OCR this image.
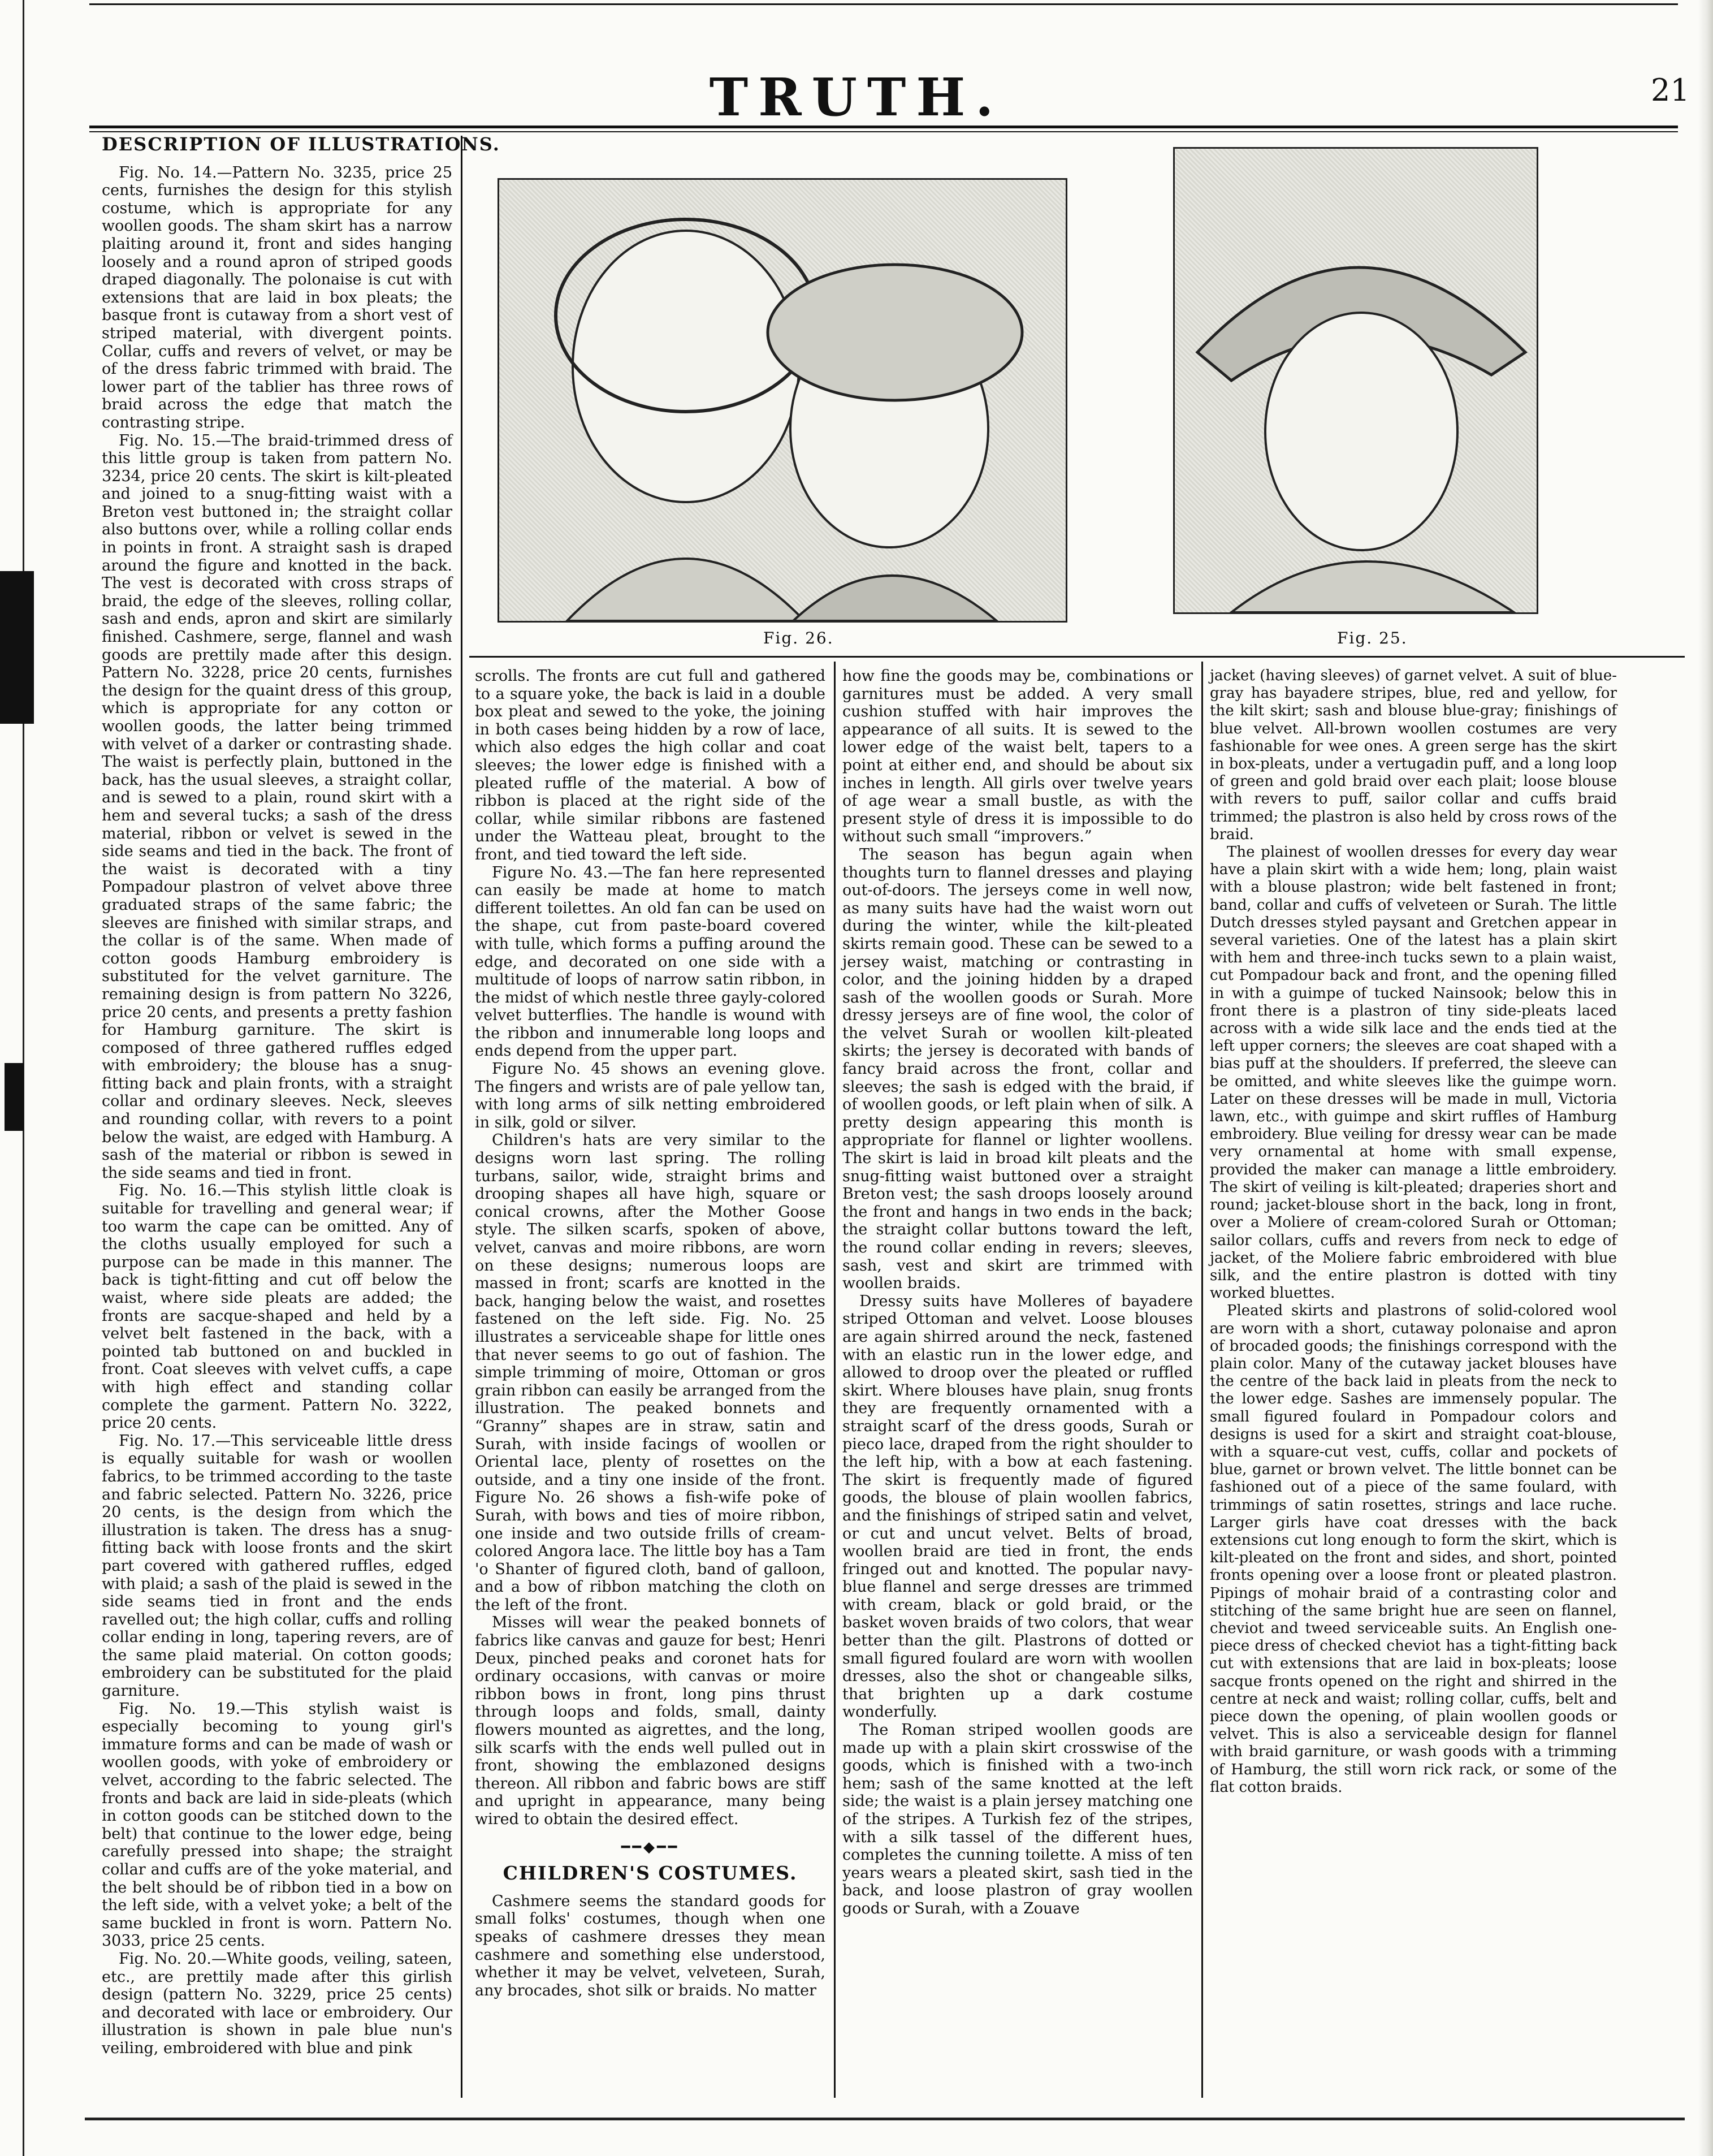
TRUTH.	21
DESCRIPTION OF ILLUSTRATIONS.

Fig. No. 14.—Pattern No. 3235, price 25 cents, furnishes the design for this stylish costume, which is appropriate for any woollen goods. The sham skirt has a narrow plaiting around it, front and sides hanging loosely and a round apron of striped goods draped diagonally. The polonaise is cut with extensions that are laid in box pleats; the basque front is cutaway from a short vest of striped material, with divergent points. Collar, cuffs and revers of velvet, or may be of the dress fabric trimmed with braid. The lower part of the tablier has three rows of braid across the edge that match the contrasting stripe.

Fig. No. 15.—The braid-trimmed dress of this little group is taken from pattern No. 3234, price 20 cents. The skirt is kilt-pleated and joined to a snug-fitting waist with a Breton vest buttoned in; the straight collar also buttons over, while a rolling collar ends in points in front. A straight sash is draped around the figure and knotted in the back. The vest is decorated with cross straps of braid, the edge of the sleeves, rolling collar, sash and ends, apron and skirt are similarly finished. Cashmere, serge, flannel and wash goods are prettily made after this design. Pattern No. 3228, price 20 cents, furnishes the design for the quaint dress of this group, which is appropriate for any cotton or woollen goods, the latter being trimmed with velvet of a darker or contrasting shade. The waist is perfectly plain, buttoned in the back, has the usual sleeves, a straight collar, and is sewed to a plain, round skirt with a hem and several tucks; a sash of the dress material, ribbon or velvet is sewed in the side seams and tied in the back. The front of the waist is decorated with a tiny Pompadour plastron of velvet above three graduated straps of the same fabric; the sleeves are finished with similar straps, and the collar is of the same. When made of cotton goods Hamburg embroidery is substituted for the velvet garniture. The remaining design is from pattern No 3226, price 20 cents, and presents a pretty fashion for Hamburg garniture. The skirt is composed of three gathered ruffles edged with embroidery; the blouse has a snug-fitting back and plain fronts, with a straight collar and ordinary sleeves. Neck, sleeves and rounding collar, with revers to a point below the waist, are edged with Hamburg. A sash of the material or ribbon is sewed in the side seams and tied in front.

Fig. No. 16.—This stylish little cloak is suitable for travelling and general wear; if too warm the cape can be omitted. Any of the cloths usually employed for such a purpose can be made in this manner. The back is tight-fitting and cut off below the waist, where side pleats are added; the fronts are sacque-shaped and held by a velvet belt fastened in the back, with a pointed tab buttoned on and buckled in front. Coat sleeves with velvet cuffs, a cape with high effect and standing collar complete the garment. Pattern No. 3222, price 20 cents.

Fig. No. 17.—This serviceable little dress is equally suitable for wash or woollen fabrics, to be trimmed according to the taste and fabric selected. Pattern No. 3226, price 20 cents, is the design from which the illustration is taken. The dress has a snug-fitting back with loose fronts and the skirt part covered with gathered ruffles, edged with plaid; a sash of the plaid is sewed in the side seams tied in front and the ends ravelled out; the high collar, cuffs and rolling collar ending in long, tapering revers, are of the same plaid material. On cotton goods; embroidery can be substituted for the plaid garniture.

Fig. No. 19.—This stylish waist is especially becoming to young girl's immature forms and can be made of wash or woollen goods, with yoke of embroidery or velvet, according to the fabric selected. The fronts and back are laid in side-pleats (which in cotton goods can be stitched down to the belt) that continue to the lower edge, being carefully pressed into shape; the straight collar and cuffs are of the yoke material, and the belt should be of ribbon tied in a bow on the left side, with a velvet yoke; a belt of the same buckled in front is worn. Pattern No. 3033, price 25 cents.

Fig. No. 20.—White goods, veiling, sateen, etc., are prettily made after this girlish design (pattern No. 3229, price 25 cents) and decorated with lace or embroidery. Our illustration is shown in pale blue nun's veiling, embroidered with blue and pink

Fig. 26.	Fig. 25.

scrolls. The fronts are cut full and gathered to a square yoke, the back is laid in a double box pleat and sewed to the yoke, the joining in both cases being hidden by a row of lace, which also edges the high collar and coat sleeves; the lower edge is finished with a pleated ruffle of the material. A bow of ribbon is placed at the right side of the collar, while similar ribbons are fastened under the Watteau pleat, brought to the front, and tied toward the left side.

Figure No. 43.—The fan here represented can easily be made at home to match different toilettes. An old fan can be used on the shape, cut from paste-board covered with tulle, which forms a puffing around the edge, and decorated on one side with a multitude of loops of narrow satin ribbon, in the midst of which nestle three gayly-colored velvet butterflies. The handle is wound with the ribbon and innumerable long loops and ends depend from the upper part.

Figure No. 45 shows an evening glove. The fingers and wrists are of pale yellow tan, with long arms of silk netting embroidered in silk, gold or silver.

Children's hats are very similar to the designs worn last spring. The rolling turbans, sailor, wide, straight brims and drooping shapes all have high, square or conical crowns, after the Mother Goose style. The silken scarfs, spoken of above, velvet, canvas and moire ribbons, are worn on these designs; numerous loops are massed in front; scarfs are knotted in the back, hanging below the waist, and rosettes fastened on the left side. Fig. No. 25 illustrates a serviceable shape for little ones that never seems to go out of fashion. The simple trimming of moire, Ottoman or gros grain ribbon can easily be arranged from the illustration. The peaked bonnets and “Granny” shapes are in straw, satin and Surah, with inside facings of woollen or Oriental lace, plenty of rosettes on the outside, and a tiny one inside of the front. Figure No. 26 shows a fish-wife poke of Surah, with bows and ties of moire ribbon, one inside and two outside frills of cream-colored Angora lace. The little boy has a Tam 'o Shanter of figured cloth, band of galloon, and a bow of ribbon matching the cloth on the left of the front.

Misses will wear the peaked bonnets of fabrics like canvas and gauze for best; Henri Deux, pinched peaks and coronet hats for ordinary occasions, with canvas or moire ribbon bows in front, long pins thrust through loops and folds, small, dainty flowers mounted as aigrettes, and the long, silk scarfs with the ends well pulled out in front, showing the emblazoned designs thereon. All ribbon and fabric bows are stiff and upright in appearance, many being wired to obtain the desired effect.

━━◆━━
CHILDREN'S COSTUMES.

Cashmere seems the standard goods for small folks' costumes, though when one speaks of cashmere dresses they mean cashmere and something else understood, whether it may be velvet, velveteen, Surah, any brocades, shot silk or braids. No matter

how fine the goods may be, combinations or garnitures must be added. A very small cushion stuffed with hair improves the appearance of all suits. It is sewed to the lower edge of the waist belt, tapers to a point at either end, and should be about six inches in length. All girls over twelve years of age wear a small bustle, as with the present style of dress it is impossible to do without such small “improvers.”

The season has begun again when thoughts turn to flannel dresses and playing out-of-doors. The jerseys come in well now, as many suits have had the waist worn out during the winter, while the kilt-pleated skirts remain good. These can be sewed to a jersey waist, matching or contrasting in color, and the joining hidden by a draped sash of the woollen goods or Surah. More dressy jerseys are of fine wool, the color of the velvet Surah or woollen kilt-pleated skirts; the jersey is decorated with bands of fancy braid across the front, collar and sleeves; the sash is edged with the braid, if of woollen goods, or left plain when of silk. A pretty design appearing this month is appropriate for flannel or lighter woollens. The skirt is laid in broad kilt pleats and the snug-fitting waist buttoned over a straight Breton vest; the sash droops loosely around the front and hangs in two ends in the back; the straight collar buttons toward the left, the round collar ending in revers; sleeves, sash, vest and skirt are trimmed with woollen braids.

Dressy suits have Molleres of bayadere striped Ottoman and velvet. Loose blouses are again shirred around the neck, fastened with an elastic run in the lower edge, and allowed to droop over the pleated or ruffled skirt. Where blouses have plain, snug fronts they are frequently ornamented with a straight scarf of the dress goods, Surah or pieco lace, draped from the right shoulder to the left hip, with a bow at each fastening. The skirt is frequently made of figured goods, the blouse of plain woollen fabrics, and the finishings of striped satin and velvet, or cut and uncut velvet. Belts of broad, woollen braid are tied in front, the ends fringed out and knotted. The popular navy-blue flannel and serge dresses are trimmed with cream, black or gold braid, or the basket woven braids of two colors, that wear better than the gilt. Plastrons of dotted or small figured foulard are worn with woollen dresses, also the shot or changeable silks, that brighten up a dark costume wonderfully.

The Roman striped woollen goods are made up with a plain skirt crosswise of the goods, which is finished with a two-inch hem; sash of the same knotted at the left side; the waist is a plain jersey matching one of the stripes. A Turkish fez of the stripes, with a silk tassel of the different hues, completes the cunning toilette. A miss of ten years wears a pleated skirt, sash tied in the back, and loose plastron of gray woollen goods or Surah, with a Zouave

jacket (having sleeves) of garnet velvet. A suit of blue-gray has bayadere stripes, blue, red and yellow, for the kilt skirt; sash and blouse blue-gray; finishings of blue velvet. All-brown woollen costumes are very fashionable for wee ones. A green serge has the skirt in box-pleats, under a vertugadin puff, and a long loop of green and gold braid over each plait; loose blouse with revers to puff, sailor collar and cuffs braid trimmed; the plastron is also held by cross rows of the braid.

The plainest of woollen dresses for every day wear have a plain skirt with a wide hem; long, plain waist with a blouse plastron; wide belt fastened in front; band, collar and cuffs of velveteen or Surah. The little Dutch dresses styled paysant and Gretchen appear in several varieties. One of the latest has a plain skirt with hem and three-inch tucks sewn to a plain waist, cut Pompadour back and front, and the opening filled in with a guimpe of tucked Nainsook; below this in front there is a plastron of tiny side-pleats laced across with a wide silk lace and the ends tied at the left upper corners; the sleeves are coat shaped with a bias puff at the shoulders. If preferred, the sleeve can be omitted, and white sleeves like the guimpe worn. Later on these dresses will be made in mull, Victoria lawn, etc., with guimpe and skirt ruffles of Hamburg embroidery. Blue veiling for dressy wear can be made very ornamental at home with small expense, provided the maker can manage a little embroidery. The skirt of veiling is kilt-pleated; draperies short and round; jacket-blouse short in the back, long in front, over a Moliere of cream-colored Surah or Ottoman; sailor collars, cuffs and revers from neck to edge of jacket, of the Moliere fabric embroidered with blue silk, and the entire plastron is dotted with tiny worked bluettes.

Pleated skirts and plastrons of solid-colored wool are worn with a short, cutaway polonaise and apron of brocaded goods; the finishings correspond with the plain color. Many of the cutaway jacket blouses have the centre of the back laid in pleats from the neck to the lower edge. Sashes are immensely popular. The small figured foulard in Pompadour colors and designs is used for a skirt and straight coat-blouse, with a square-cut vest, cuffs, collar and pockets of blue, garnet or brown velvet. The little bonnet can be fashioned out of a piece of the same foulard, with trimmings of satin rosettes, strings and lace ruche. Larger girls have coat dresses with the back extensions cut long enough to form the skirt, which is kilt-pleated on the front and sides, and short, pointed fronts opening over a loose front or pleated plastron. Pipings of mohair braid of a contrasting color and stitching of the same bright hue are seen on flannel, cheviot and tweed serviceable suits. An English one-piece dress of checked cheviot has a tight-fitting back cut with extensions that are laid in box-pleats; loose sacque fronts opened on the right and shirred in the centre at neck and waist; rolling collar, cuffs, belt and piece down the opening, of plain woollen goods or velvet. This is also a serviceable design for flannel with braid garniture, or wash goods with a trimming of Hamburg, the still worn rick rack, or some of the flat cotton braids.
